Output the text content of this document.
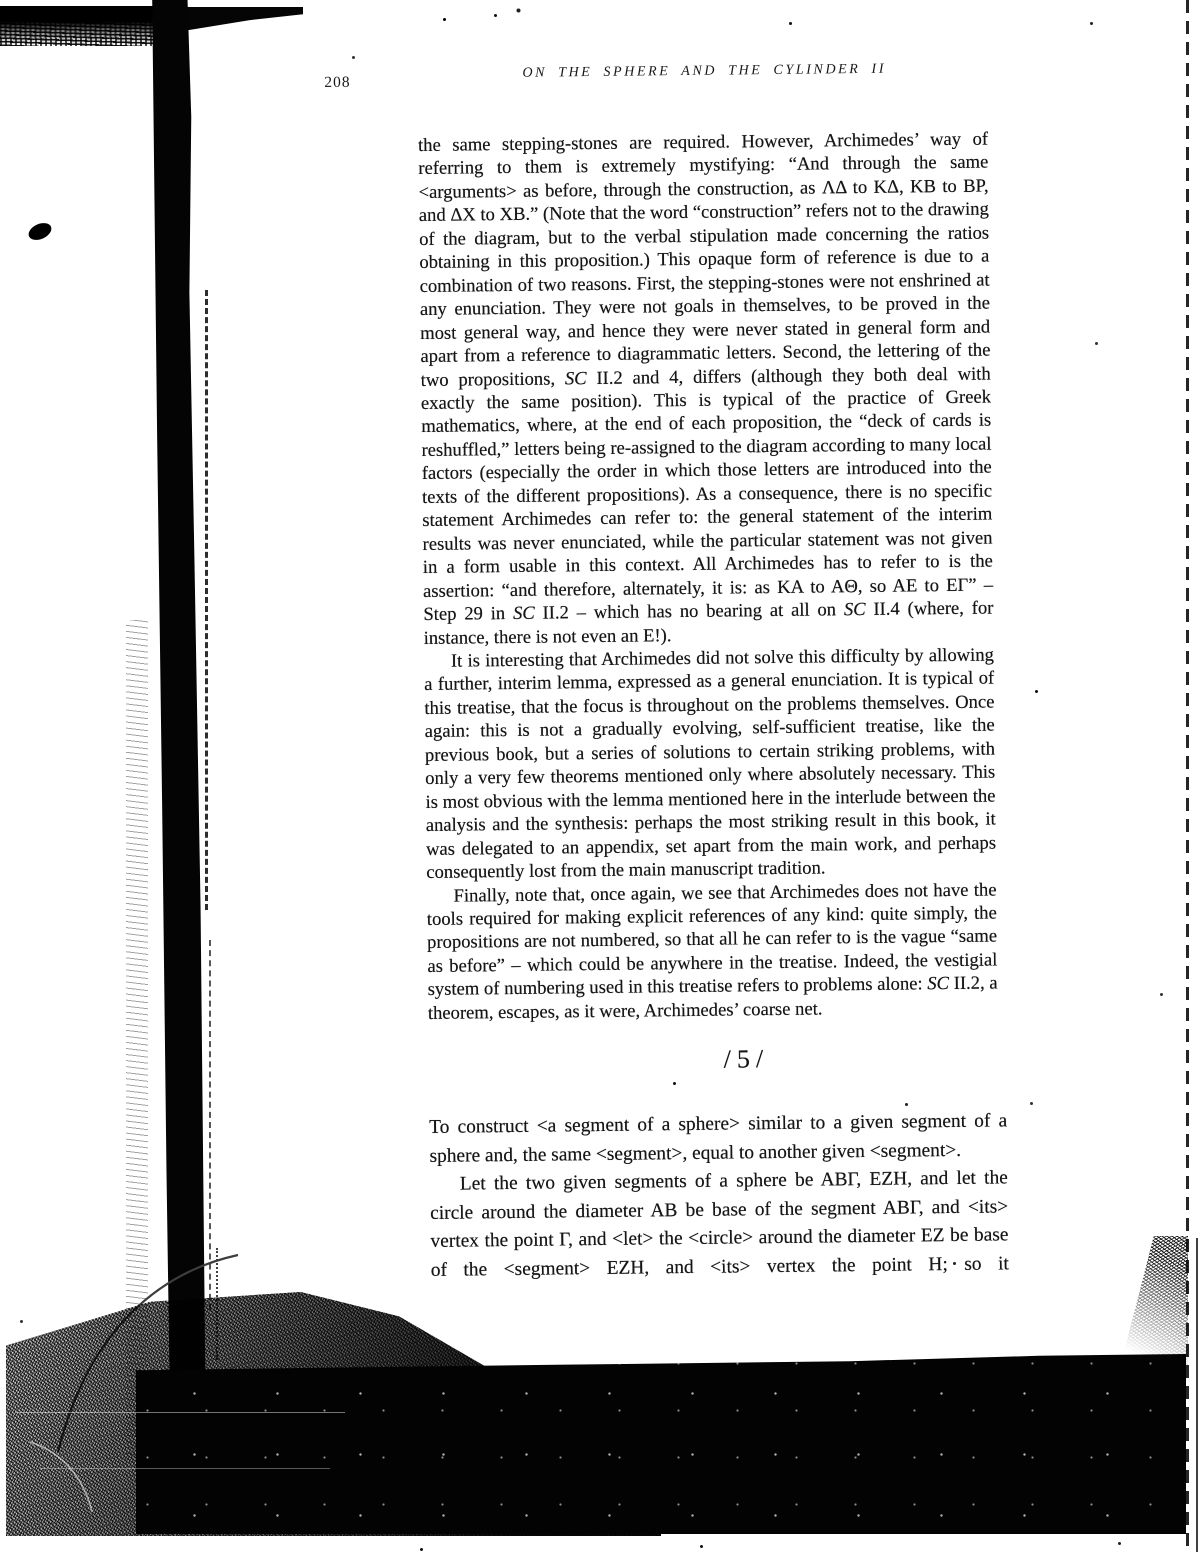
208
ON THE SPHERE AND THE CYLINDER II

the same stepping-stones are required. However, Archimedes’ way of referring to them is extremely mystifying: “And through the same <arguments> as before, through the construction, as ΛΔ to KΔ, KB to BP, and ΔX to XB.” (Note that the word “construction” refers not to the drawing of the diagram, but to the verbal stipulation made concerning the ratios obtaining in this proposition.) This opaque form of reference is due to a combination of two reasons. First, the stepping-stones were not enshrined at any enunciation. They were not goals in themselves, to be proved in the most general way, and hence they were never stated in general form and apart from a reference to diagrammatic letters. Second, the lettering of the two propositions, SC II.2 and 4, differs (although they both deal with exactly the same position). This is typical of the practice of Greek mathematics, where, at the end of each proposition, the “deck of cards is reshuffled,” letters being re-assigned to the diagram according to many local factors (especially the order in which those letters are introduced into the texts of the different propositions). As a consequence, there is no specific statement Archimedes can refer to: the general statement of the interim results was never enunciated, while the particular statement was not given in a form usable in this context. All Archimedes has to refer to is the assertion: “and therefore, alternately, it is: as KA to AΘ, so AE to EΓ” – Step 29 in SC II.2 – which has no bearing at all on SC II.4 (where, for instance, there is not even an E!).

It is interesting that Archimedes did not solve this difficulty by allowing a further, interim lemma, expressed as a general enunciation. It is typical of this treatise, that the focus is throughout on the problems themselves. Once again: this is not a gradually evolving, self-sufficient treatise, like the previous book, but a series of solutions to certain striking problems, with only a very few theorems mentioned only where absolutely necessary. This is most obvious with the lemma mentioned here in the interlude between the analysis and the synthesis: perhaps the most striking result in this book, it was delegated to an appendix, set apart from the main work, and perhaps consequently lost from the main manuscript tradition.

Finally, note that, once again, we see that Archimedes does not have the tools required for making explicit references of any kind: quite simply, the propositions are not numbered, so that all he can refer to is the vague “same as before” – which could be anywhere in the treatise. Indeed, the vestigial system of numbering used in this treatise refers to problems alone: SC II.2, a theorem, escapes, as it were, Archimedes’ coarse net.

/5/

To construct <a segment of a sphere> similar to a given segment of a sphere and, the same <segment>, equal to another given <segment>.

Let the two given segments of a sphere be ABΓ, EZH, and let the circle around the diameter AB be base of the segment ABΓ, and <its> vertex the point Γ, and <let> the <circle> around the diameter EZ be base of the <segment> EZH, and <its> vertex the point H; so it
